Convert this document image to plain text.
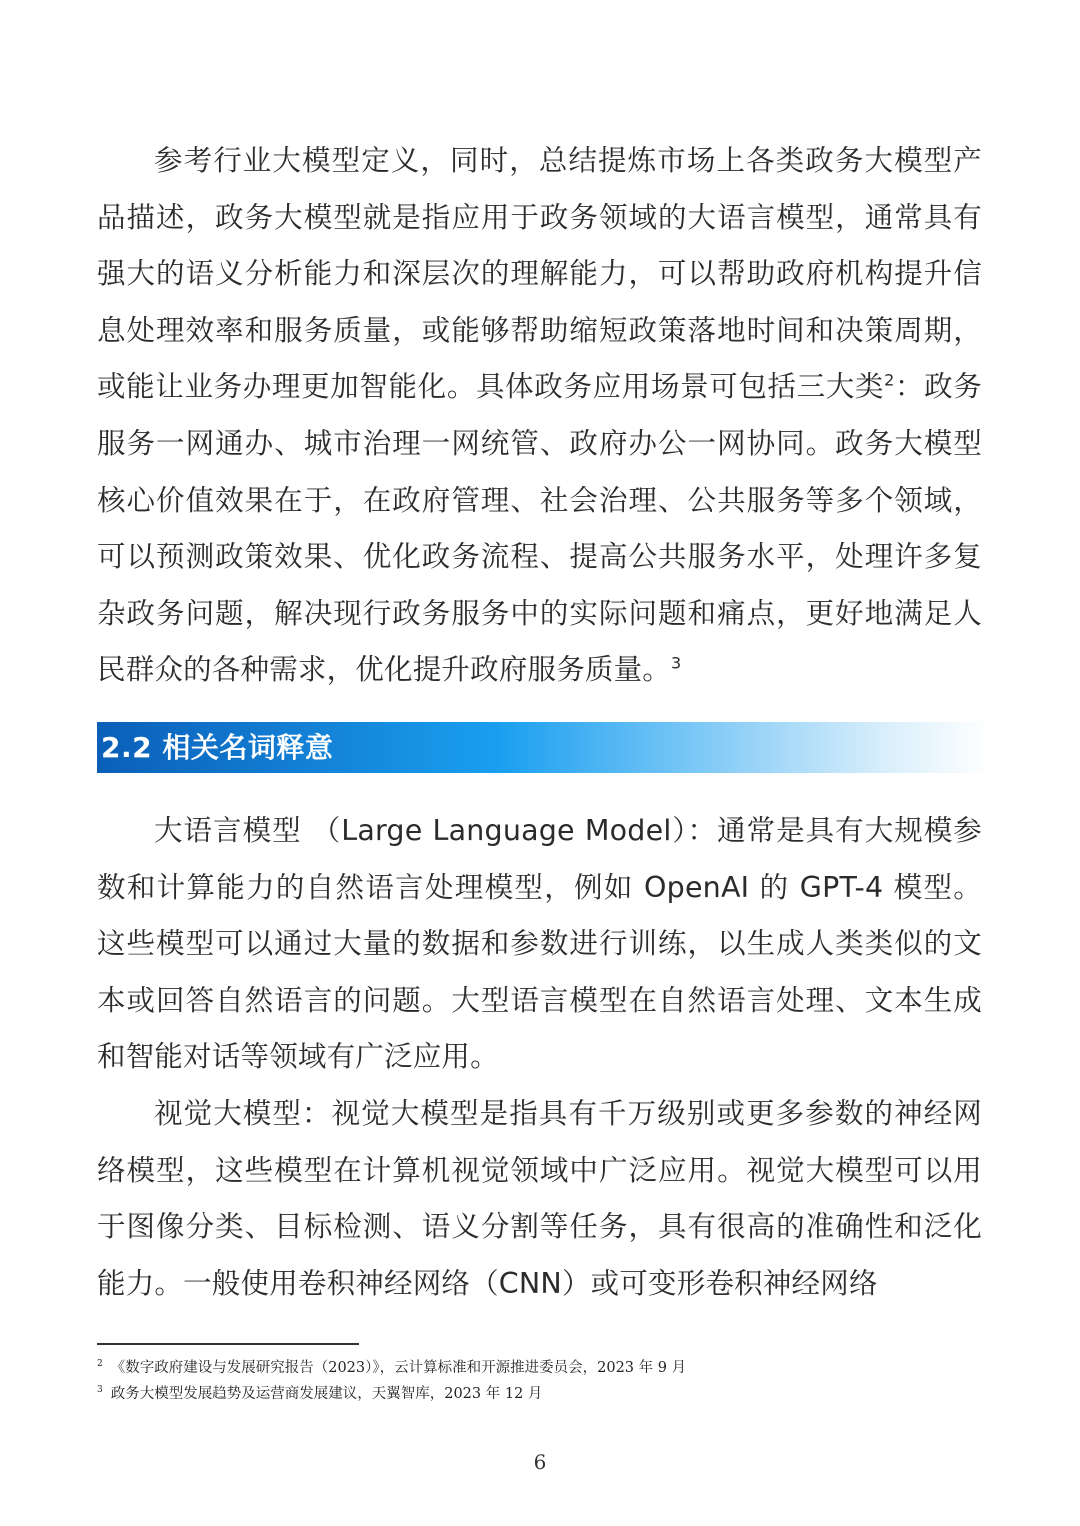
参考行业大模型定义，同时，总结提炼市场上各类政务大模型产品描述，政务大模型就是指应用于政务领域的大语言模型，通常具有强大的语义分析能力和深层次的理解能力，可以帮助政府机构提升信息处理效率和服务质量，或能够帮助缩短政策落地时间和决策周期，或能让业务办理更加智能化。具体政务应用场景可包括三大类$^2$：政务服务一网通办、城市治理一网统管、政府办公一网协同。政务大模型核心价值效果在于，在政府管理、社会治理、公共服务等多个领域，可以预测政策效果、优化政务流程、提高公共服务水平，处理许多复杂政务问题，解决现行政务服务中的实际问题和痛点，更好地满足人民群众的各种需求，优化提升政府服务质量。$^3$

2.2 相关名词释意

大语言模型 （Large Language Model）：通常是具有大规模参数和计算能力的自然语言处理模型，例如 OpenAI 的 GPT-4 模型。这些模型可以通过大量的数据和参数进行训练，以生成人类类似的文本或回答自然语言的问题。大型语言模型在自然语言处理、文本生成和智能对话等领域有广泛应用。

视觉大模型：视觉大模型是指具有千万级别或更多参数的神经网络模型，这些模型在计算机视觉领域中广泛应用。视觉大模型可以用于图像分类、目标检测、语义分割等任务，具有很高的准确性和泛化能力。一般使用卷积神经网络（CNN）或可变形卷积神经网络

$^2$ 《数字政府建设与发展研究报告（2023）》，云计算标准和开源推进委员会，2023 年 9 月
$^3$ 政务大模型发展趋势及运营商发展建议，天翼智库，2023 年 12 月
6
